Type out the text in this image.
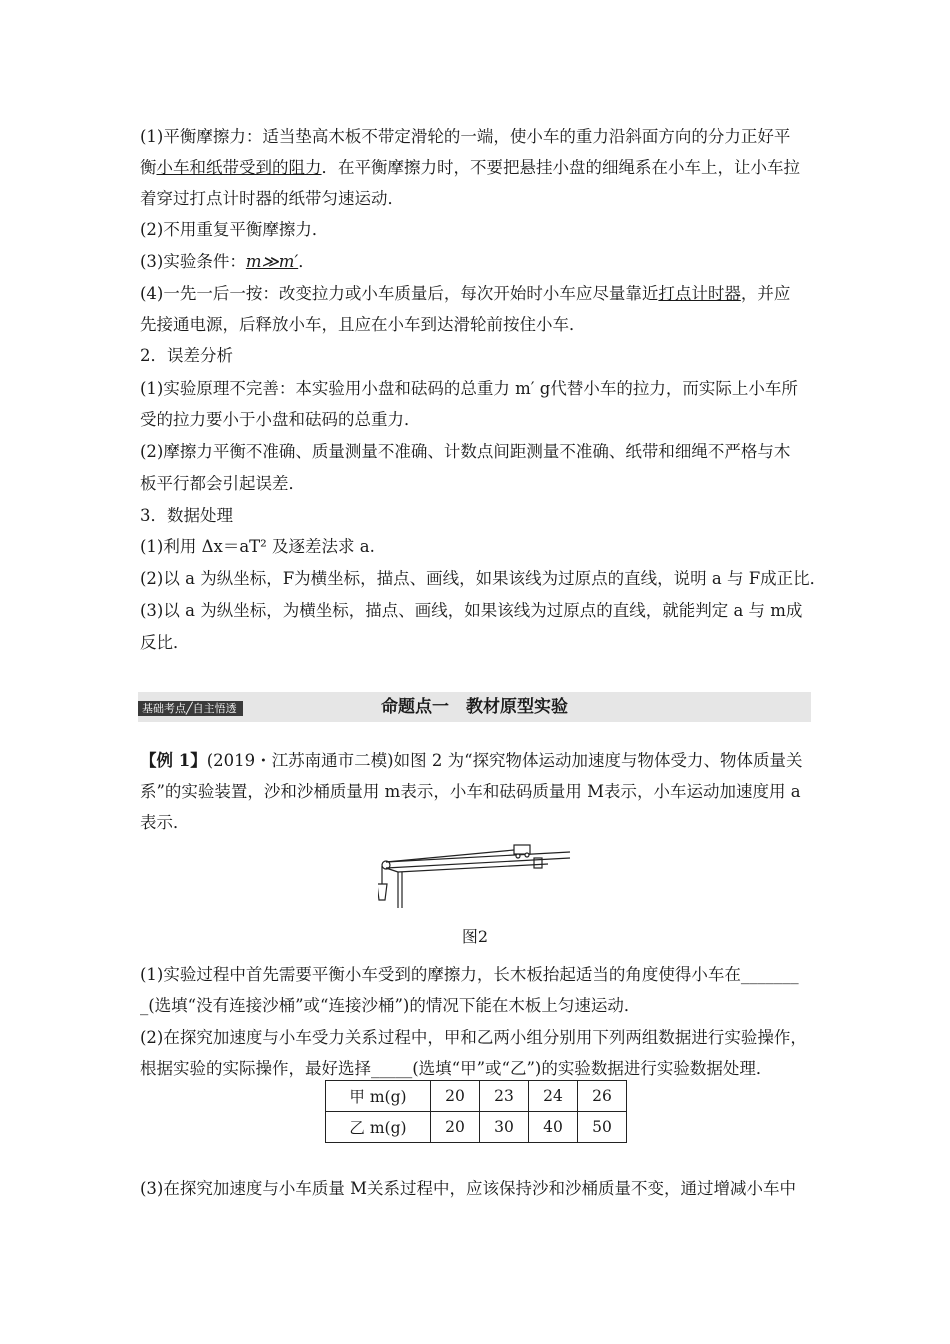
(1)平衡摩擦力：适当垫高木板不带定滑轮的一端，使小车的重力沿斜面方向的分力正好平
衡小车和纸带受到的阻力．在平衡摩擦力时，不要把悬挂小盘的细绳系在小车上，让小车拉
着穿过打点计时器的纸带匀速运动．
(2)不用重复平衡摩擦力．
(3)实验条件：m≫m′．
(4)一先一后一按：改变拉力或小车质量后，每次开始时小车应尽量靠近打点计时器，并应
先接通电源，后释放小车，且应在小车到达滑轮前按住小车．
2．误差分析
(1)实验原理不完善：本实验用小盘和砝码的总重力 m′ g代替小车的拉力，而实际上小车所
受的拉力要小于小盘和砝码的总重力．
(2)摩擦力平衡不准确、质量测量不准确、计数点间距测量不准确、纸带和细绳不严格与木
板平行都会引起误差．
3．数据处理
(1)利用 Δx＝aT² 及逐差法求 a.
(2)以 a 为纵坐标，F为横坐标，描点、画线，如果该线为过原点的直线，说明 a 与 F成正比．
(3)以 a 为纵坐标，为横坐标，描点、画线，如果该线为过原点的直线，就能判定 a 与 m成
反比．
基础考点╱自主悟透	命题点一　教材原型实验
【例 1】(2019・江苏南通市二模)如图 2 为“探究物体运动加速度与物体受力、物体质量关
系”的实验装置，沙和沙桶质量用 m表示，小车和砝码质量用 M表示，小车运动加速度用 a
表示．
图2
(1)实验过程中首先需要平衡小车受到的摩擦力，长木板抬起适当的角度使得小车在_______
_(选填“没有连接沙桶”或“连接沙桶”)的情况下能在木板上匀速运动．
(2)在探究加速度与小车受力关系过程中，甲和乙两小组分别用下列两组数据进行实验操作，
根据实验的实际操作，最好选择_____(选填“甲”或“乙”)的实验数据进行实验数据处理．
甲 m(g)	20	23	24	26
乙 m(g)	20	30	40	50
(3)在探究加速度与小车质量 M关系过程中，应该保持沙和沙桶质量不变，通过增减小车中
